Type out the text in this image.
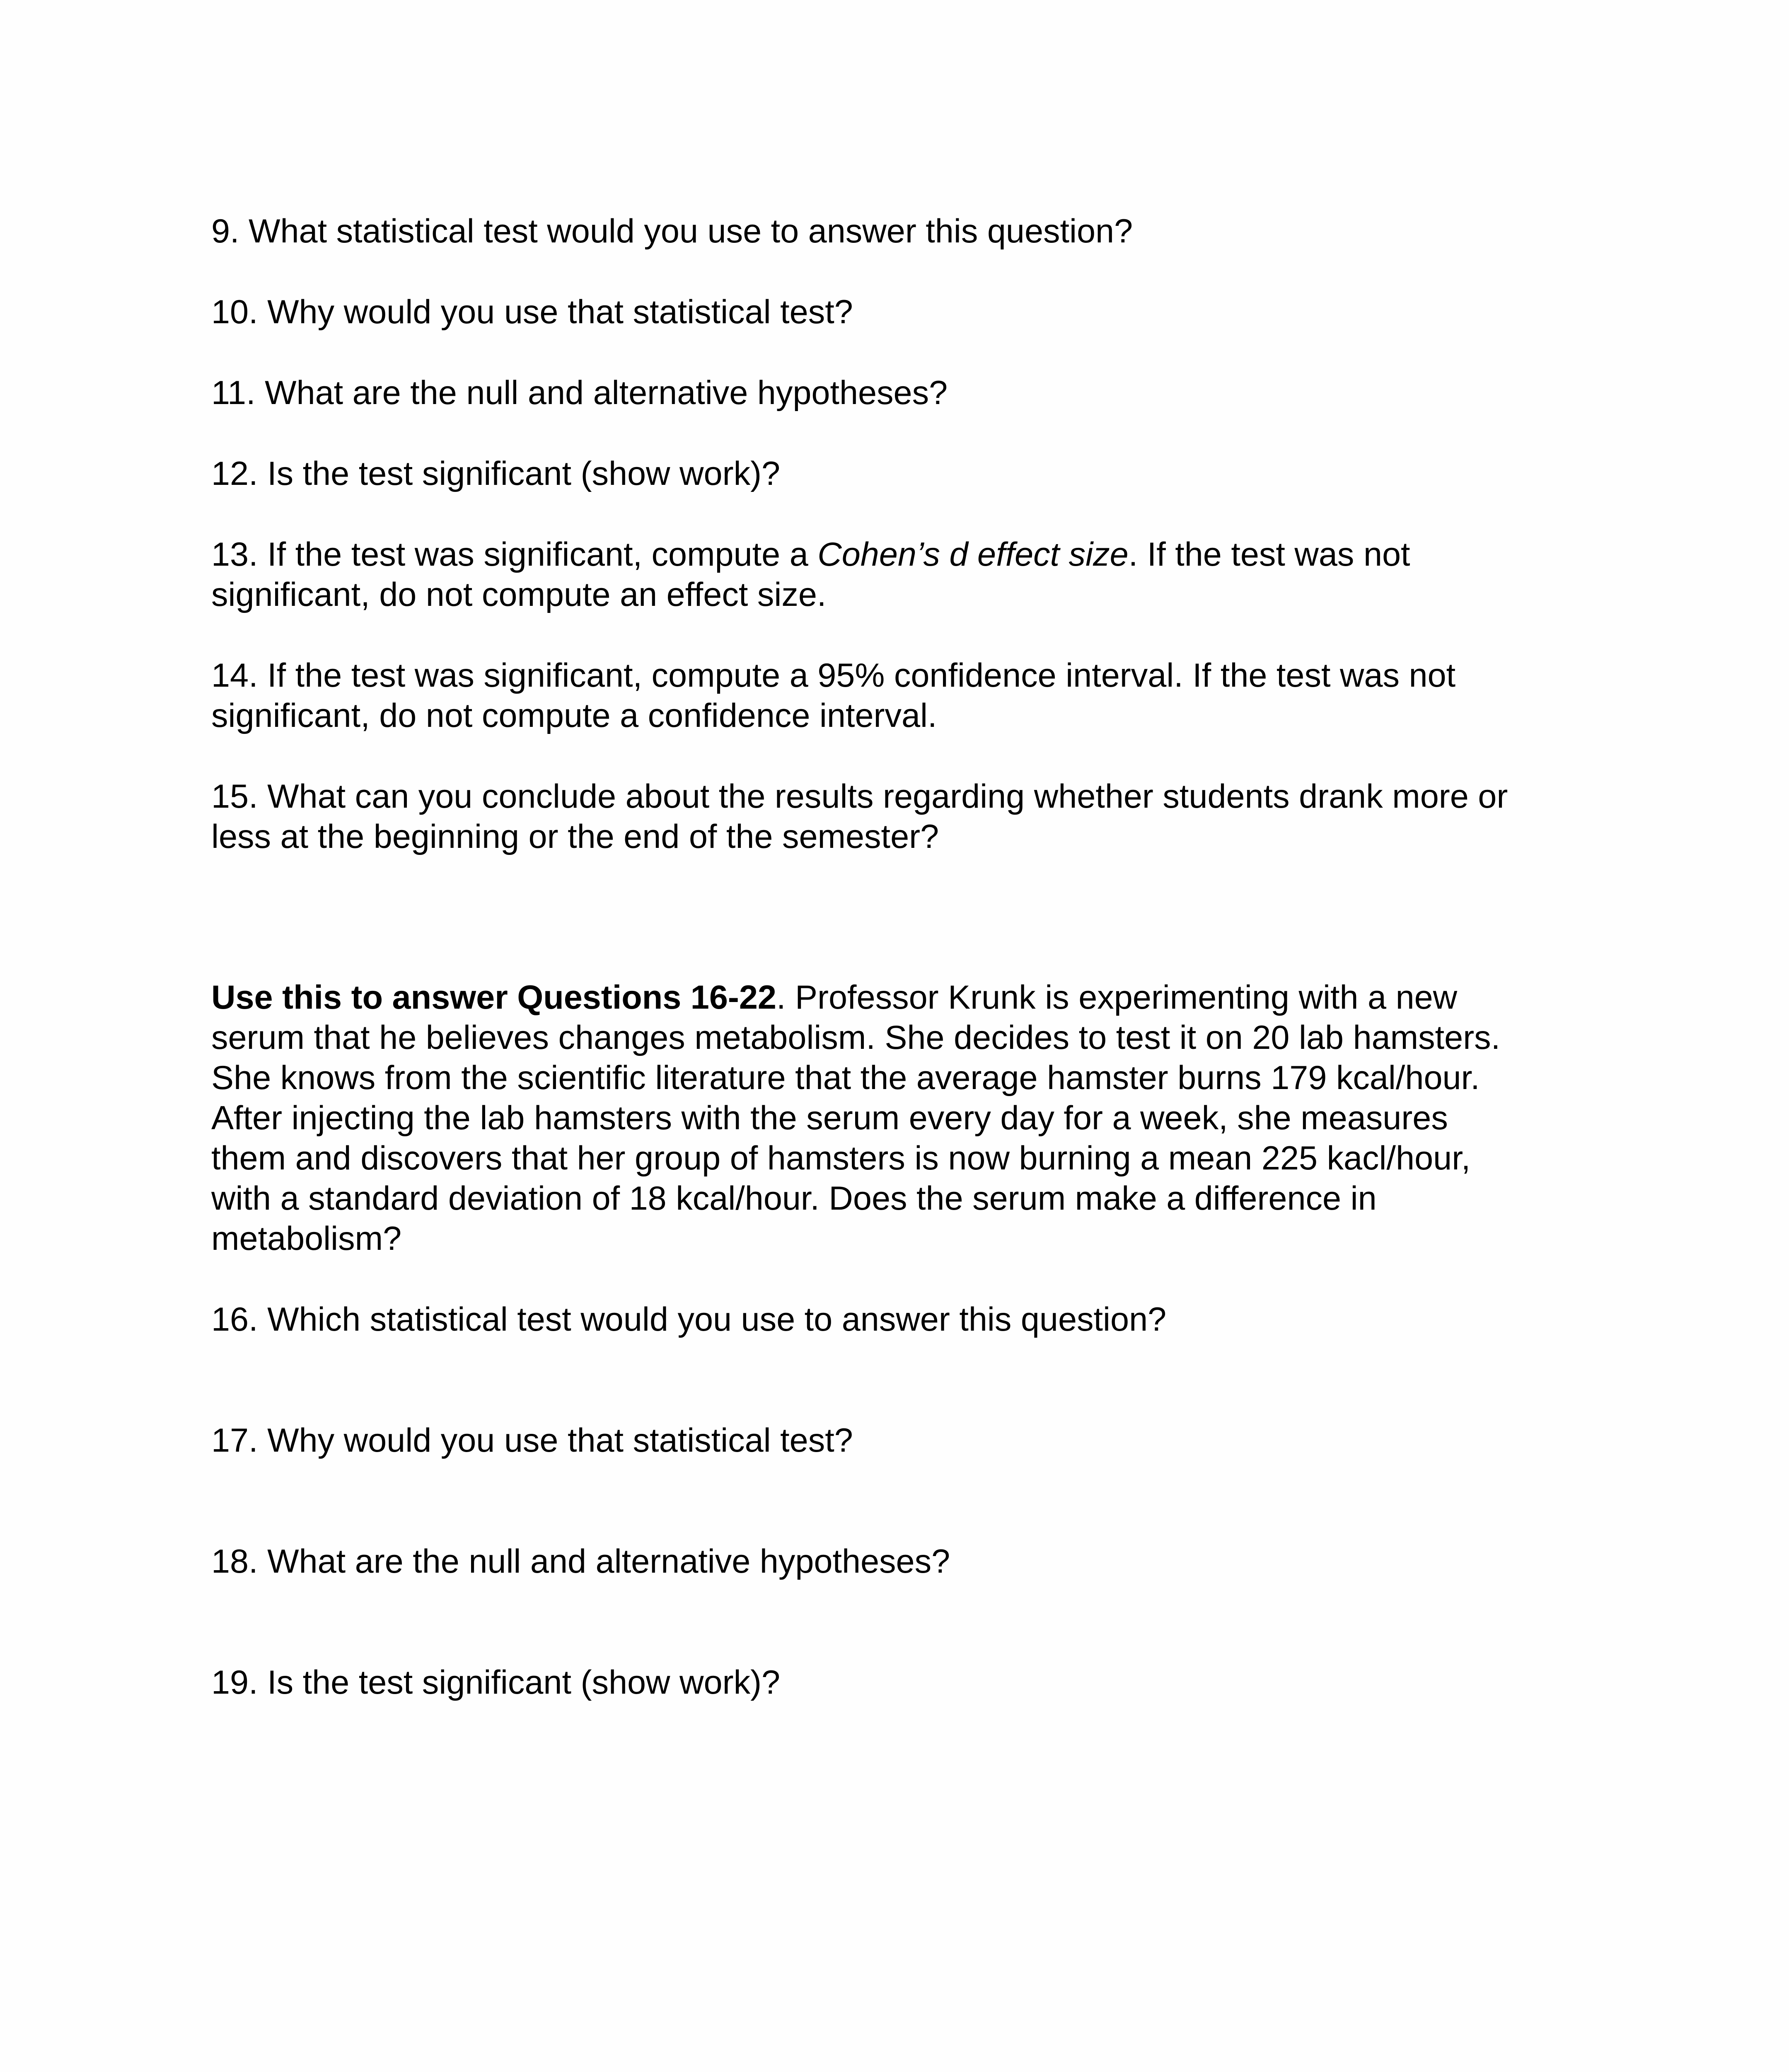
9. What statistical test would you use to answer this question?

10. Why would you use that statistical test?

11. What are the null and alternative hypotheses?

12. Is the test significant (show work)?

13. If the test was significant, compute a Cohen’s d effect size. If the test was not
significant, do not compute an effect size.

14. If the test was significant, compute a 95% confidence interval. If the test was not
significant, do not compute a confidence interval.

15. What can you conclude about the results regarding whether students drank more or
less at the beginning or the end of the semester?

Use this to answer Questions 16-22. Professor Krunk is experimenting with a new
serum that he believes changes metabolism. She decides to test it on 20 lab hamsters.
She knows from the scientific literature that the average hamster burns 179 kcal/hour.
After injecting the lab hamsters with the serum every day for a week, she measures
them and discovers that her group of hamsters is now burning a mean 225 kacl/hour,
with a standard deviation of 18 kcal/hour. Does the serum make a difference in
metabolism?

16. Which statistical test would you use to answer this question?

17. Why would you use that statistical test?

18. What are the null and alternative hypotheses?

19. Is the test significant (show work)?
